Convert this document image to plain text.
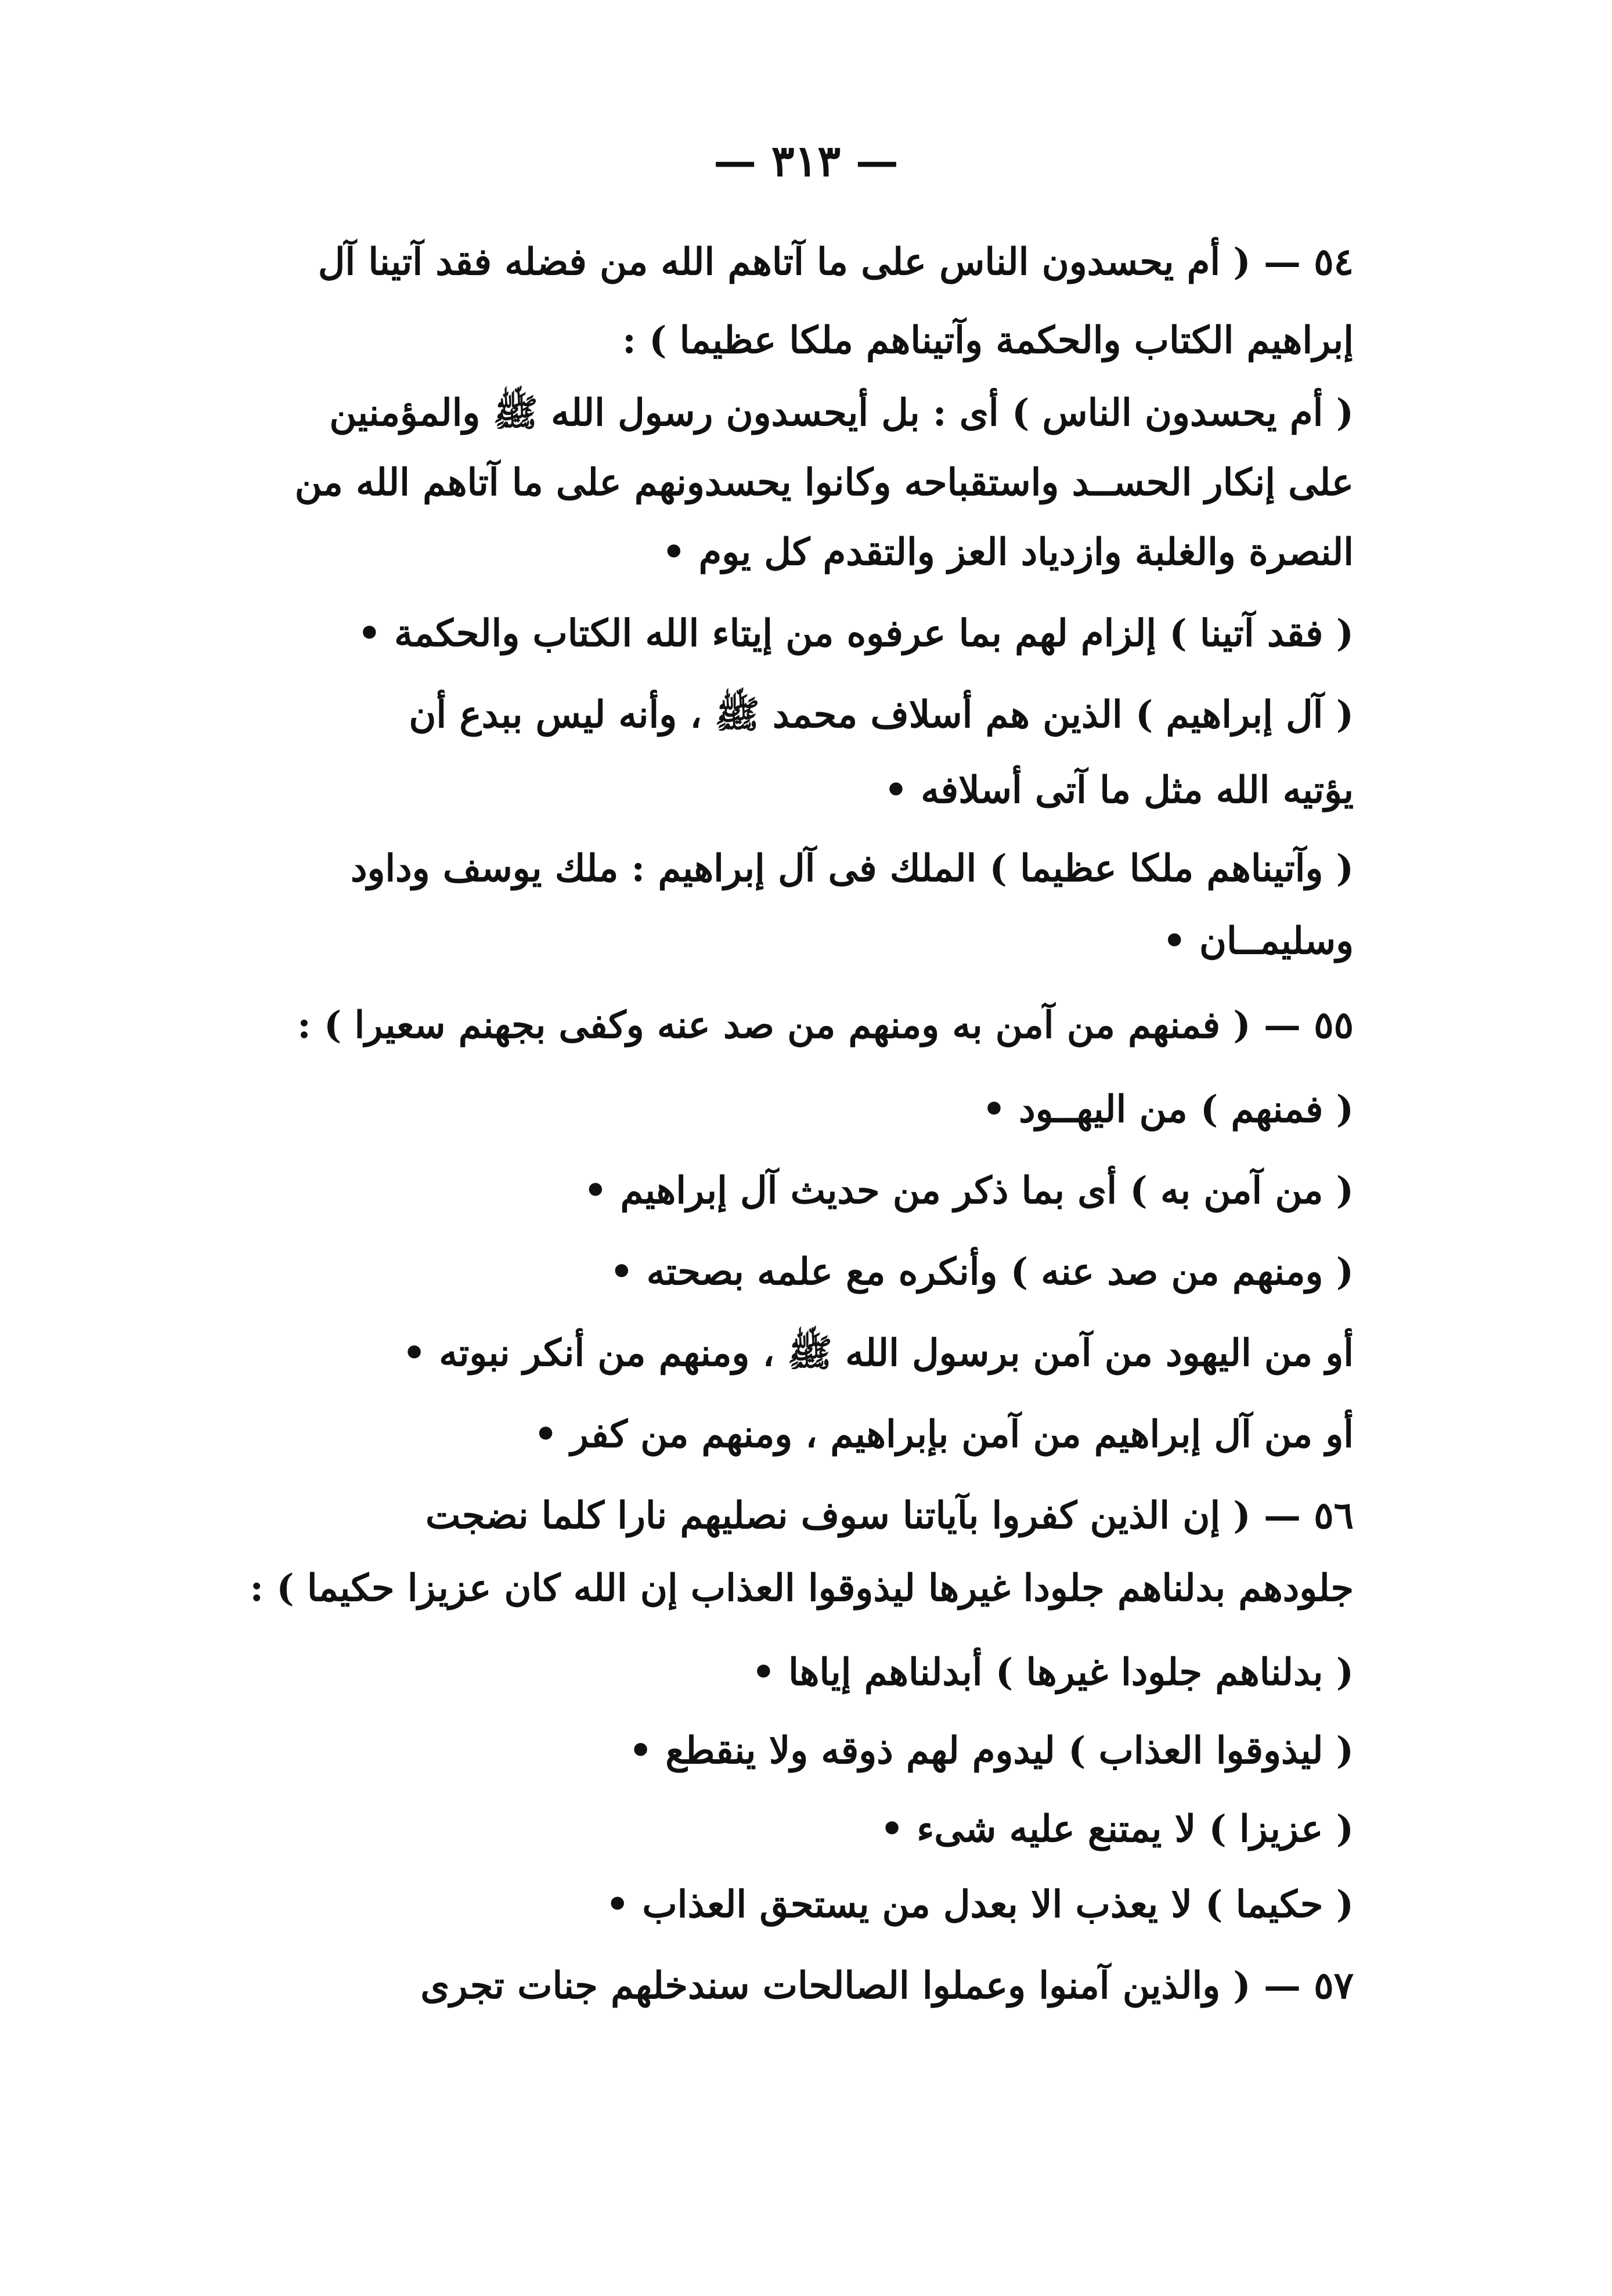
— ٣١٣ —
٥٤ — ( أم يحسدون الناس على ما آتاهم الله من فضله فقد آتينا آل
إبراهيم الكتاب والحكمة وآتيناهم ملكا عظيما ) :
( أم يحسدون الناس ) أى : بل أيحسدون رسول الله ﷺ والمؤمنين
على إنكار الحســد واستقباحه وكانوا يحسدونهم على ما آتاهم الله من
النصرة والغلبة وازدياد العز والتقدم كل يوم •
( فقد آتينا ) إلزام لهم بما عرفوه من إيتاء الله الكتاب والحكمة •
( آل إبراهيم ) الذين هم أسلاف محمد ﷺ ، وأنه ليس ببدع أن
يؤتيه الله مثل ما آتى أسلافه •
( وآتيناهم ملكا عظيما ) الملك فى آل إبراهيم : ملك يوسف وداود
وسليمــان •
٥٥ — ( فمنهم من آمن به ومنهم من صد عنه وكفى بجهنم سعيرا ) :
( فمنهم ) من اليهــود •
( من آمن به ) أى بما ذكر من حديث آل إبراهيم •
( ومنهم من صد عنه ) وأنكره مع علمه بصحته •
أو من اليهود من آمن برسول الله ﷺ ، ومنهم من أنكر نبوته •
أو من آل إبراهيم من آمن بإبراهيم ، ومنهم من كفر •
٥٦ — ( إن الذين كفروا بآياتنا سوف نصليهم نارا كلما نضجت
جلودهم بدلناهم جلودا غيرها ليذوقوا العذاب إن الله كان عزيزا حكيما ) :
( بدلناهم جلودا غيرها ) أبدلناهم إياها •
( ليذوقوا العذاب ) ليدوم لهم ذوقه ولا ينقطع •
( عزيزا ) لا يمتنع عليه شىء •
( حكيما ) لا يعذب الا بعدل من يستحق العذاب •
٥٧ — ( والذين آمنوا وعملوا الصالحات سندخلهم جنات تجرى
